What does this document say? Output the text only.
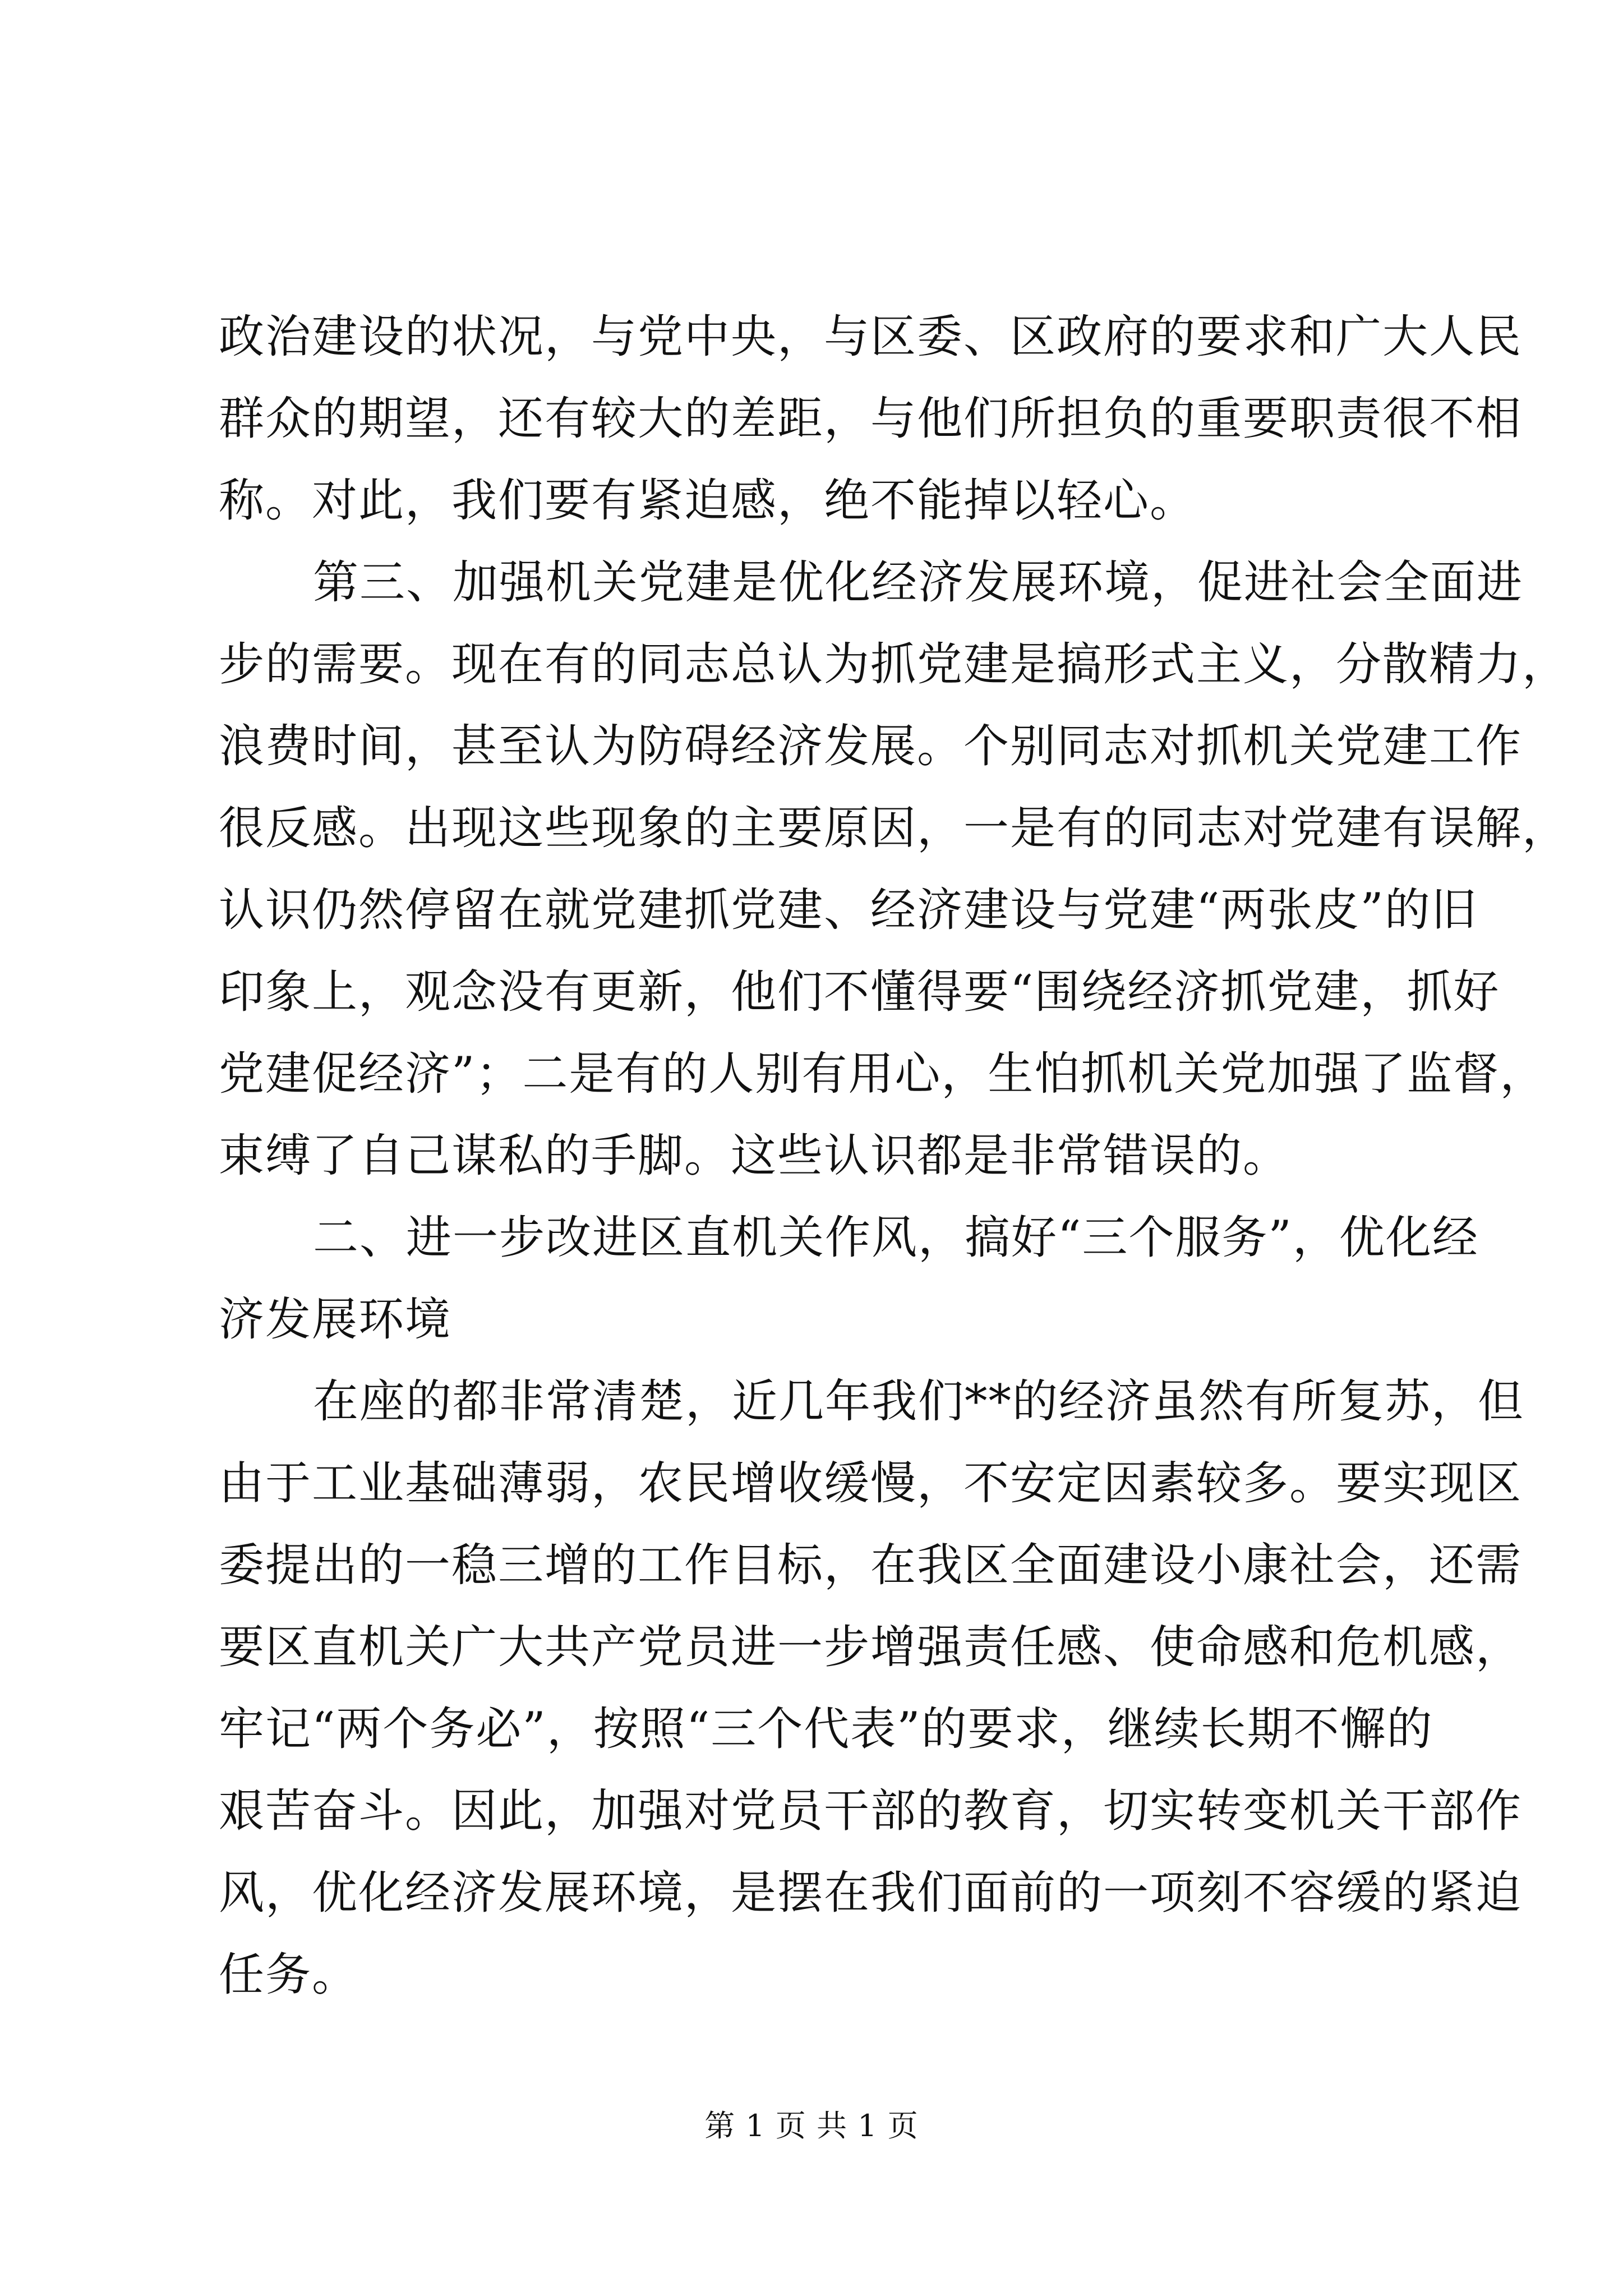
政治建设的状况，与党中央，与区委、区政府的要求和广大人民
群众的期望，还有较大的差距，与他们所担负的重要职责很不相
称。对此，我们要有紧迫感，绝不能掉以轻心。
第三、加强机关党建是优化经济发展环境，促进社会全面进
步的需要。现在有的同志总认为抓党建是搞形式主义，分散精力，
浪费时间，甚至认为防碍经济发展。个别同志对抓机关党建工作
很反感。出现这些现象的主要原因，一是有的同志对党建有误解，
认识仍然停留在就党建抓党建、经济建设与党建“两张皮”的旧
印象上，观念没有更新，他们不懂得要“围绕经济抓党建，抓好
党建促经济”；二是有的人别有用心，生怕抓机关党加强了监督，
束缚了自己谋私的手脚。这些认识都是非常错误的。
二、进一步改进区直机关作风，搞好“三个服务”，优化经
济发展环境
在座的都非常清楚，近几年我们**的经济虽然有所复苏，但
由于工业基础薄弱，农民增收缓慢，不安定因素较多。要实现区
委提出的一稳三增的工作目标，在我区全面建设小康社会，还需
要区直机关广大共产党员进一步增强责任感、使命感和危机感，
牢记“两个务必”，按照“三个代表”的要求，继续长期不懈的
艰苦奋斗。因此，加强对党员干部的教育，切实转变机关干部作
风，优化经济发展环境，是摆在我们面前的一项刻不容缓的紧迫
任务。
第 1 页 共 1 页
